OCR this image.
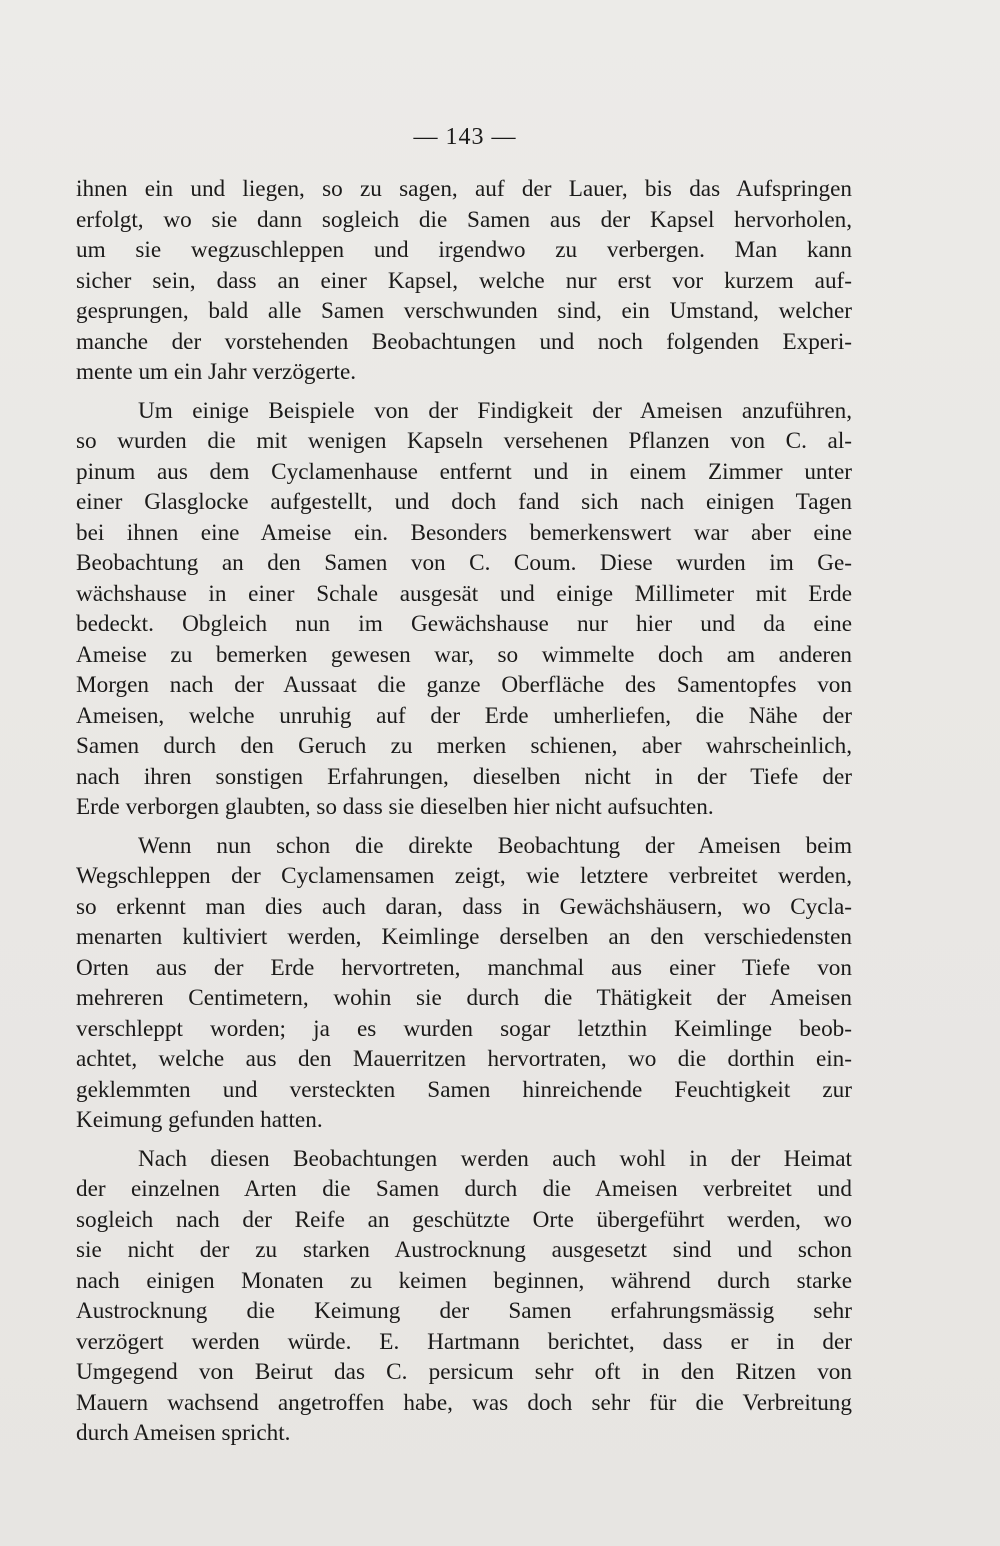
— 143 —
ihnen ein und liegen, so zu sagen, auf der Lauer, bis das Aufspringen
erfolgt, wo sie dann sogleich die Samen aus der Kapsel hervorholen,
um sie wegzuschleppen und irgendwo zu verbergen. Man kann
sicher sein, dass an einer Kapsel, welche nur erst vor kurzem auf-
gesprungen, bald alle Samen verschwunden sind, ein Umstand, welcher
manche der vorstehenden Beobachtungen und noch folgenden Experi-
mente um ein Jahr verzögerte.
Um einige Beispiele von der Findigkeit der Ameisen anzuführen,
so wurden die mit wenigen Kapseln versehenen Pflanzen von C. al-
pinum aus dem Cyclamenhause entfernt und in einem Zimmer unter
einer Glasglocke aufgestellt, und doch fand sich nach einigen Tagen
bei ihnen eine Ameise ein. Besonders bemerkenswert war aber eine
Beobachtung an den Samen von C. Coum. Diese wurden im Ge-
wächshause in einer Schale ausgesät und einige Millimeter mit Erde
bedeckt. Obgleich nun im Gewächshause nur hier und da eine
Ameise zu bemerken gewesen war, so wimmelte doch am anderen
Morgen nach der Aussaat die ganze Oberfläche des Samentopfes von
Ameisen, welche unruhig auf der Erde umherliefen, die Nähe der
Samen durch den Geruch zu merken schienen, aber wahrscheinlich,
nach ihren sonstigen Erfahrungen, dieselben nicht in der Tiefe der
Erde verborgen glaubten, so dass sie dieselben hier nicht aufsuchten.
Wenn nun schon die direkte Beobachtung der Ameisen beim
Wegschleppen der Cyclamensamen zeigt, wie letztere verbreitet werden,
so erkennt man dies auch daran, dass in Gewächshäusern, wo Cycla-
menarten kultiviert werden, Keimlinge derselben an den verschiedensten
Orten aus der Erde hervortreten, manchmal aus einer Tiefe von
mehreren Centimetern, wohin sie durch die Thätigkeit der Ameisen
verschleppt worden; ja es wurden sogar letzthin Keimlinge beob-
achtet, welche aus den Mauerritzen hervortraten, wo die dorthin ein-
geklemmten und versteckten Samen hinreichende Feuchtigkeit zur
Keimung gefunden hatten.
Nach diesen Beobachtungen werden auch wohl in der Heimat
der einzelnen Arten die Samen durch die Ameisen verbreitet und
sogleich nach der Reife an geschützte Orte übergeführt werden, wo
sie nicht der zu starken Austrocknung ausgesetzt sind und schon
nach einigen Monaten zu keimen beginnen, während durch starke
Austrocknung die Keimung der Samen erfahrungsmässig sehr
verzögert werden würde. E. Hartmann berichtet, dass er in der
Umgegend von Beirut das C. persicum sehr oft in den Ritzen von
Mauern wachsend angetroffen habe, was doch sehr für die Verbreitung
durch Ameisen spricht.
